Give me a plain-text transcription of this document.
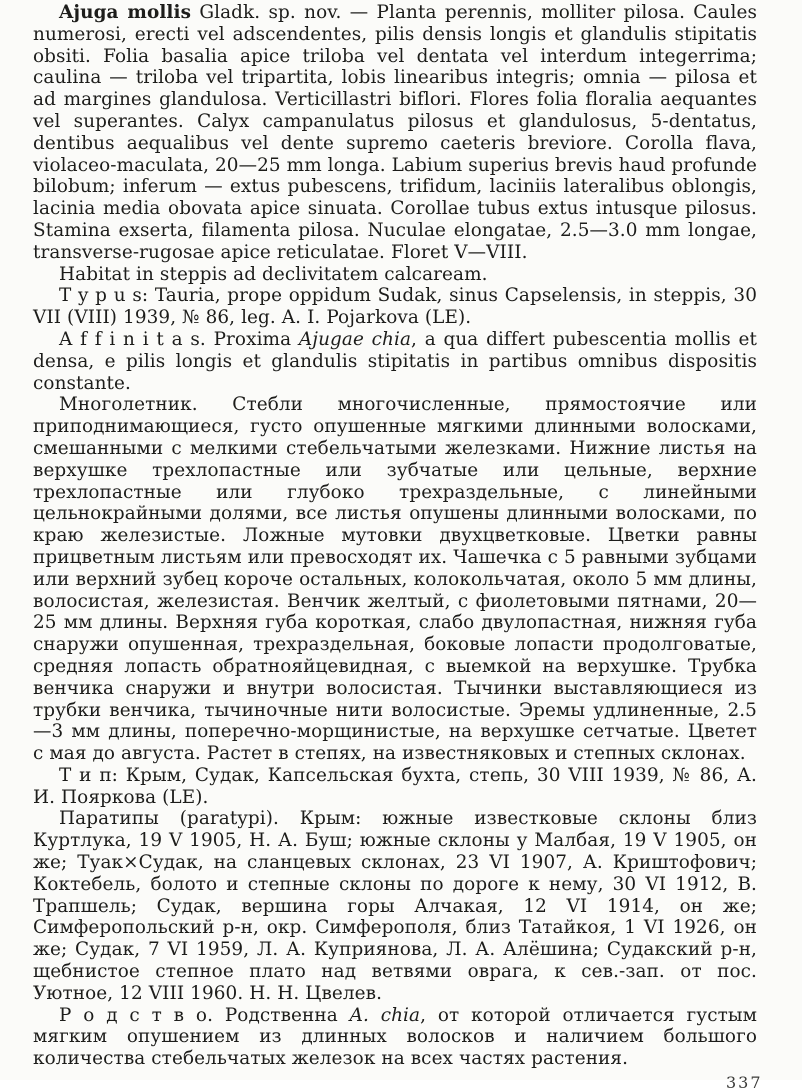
Ajuga mollis Gladk. sp. nov. — Planta perennis, molliter pilosa. Caules numerosi, erecti vel adscendentes, pilis densis longis et glandulis stipitatis obsiti. Folia basalia apice triloba vel dentata vel interdum integerrima; caulina — triloba vel tripartita, lobis linearibus integris; omnia — pilosa et ad margines glandulosa. Verticillastri biflori. Flores folia floralia aequantes vel superantes. Calyx campanulatus pilosus et glandulosus, 5-dentatus, dentibus aequalibus vel dente supremo caeteris breviore. Corolla flava, violaceo-maculata, 20—25 mm longa. Labium superius brevis haud profunde bilobum; inferum — extus pubescens, trifidum, laciniis lateralibus oblongis, lacinia media obovata apice sinuata. Corollae tubus extus intusque pilosus. Stamina exserta, filamenta pilosa. Nuculae elongatae, 2.5—3.0 mm longae, transverse-rugosae apice reticulatae. Floret V—VIII.

Habitat in steppis ad declivitatem calcaream.

T y p u s: Tauria, prope oppidum Sudak, sinus Capselensis, in steppis, 30 VII (VIII) 1939, № 86, leg. A. I. Pojarkova (LE).

A f f i n i t a s. Proxima Ajugae chia, a qua differt pubescentia mollis et densa, e pilis longis et glandulis stipitatis in partibus omnibus dispositis constante.

Многолетник. Стебли многочисленные, прямостоячие или приподнимающиеся, густо опушенные мягкими длинными волосками, смешанными с мелкими стебельчатыми железками. Нижние листья на верхушке трехлопастные или зубчатые или цельные, верхние трехлопастные или глубоко трехраздельные, с линейными цельнокрайными долями, все листья опушены длинными волосками, по краю железистые. Ложные мутовки двухцветковые. Цветки равны прицветным листьям или превосходят их. Чашечка с 5 равными зубцами или верхний зубец короче остальных, колокольчатая, около 5 мм длины, волосистая, железистая. Венчик желтый, с фиолетовыми пятнами, 20—25 мм длины. Верхняя губа короткая, слабо двулопастная, нижняя губа снаружи опушенная, трехраздельная, боковые лопасти продолговатые, средняя лопасть обратнояйцевидная, с выемкой на верхушке. Трубка венчика снаружи и внутри волосистая. Тычинки выставляющиеся из трубки венчика, тычиночные нити волосистые. Эремы удлиненные, 2.5—3 мм длины, поперечно-морщинистые, на верхушке сетчатые. Цветет с мая до августа. Растет в степях, на известняковых и степных склонах.

Т и п: Крым, Судак, Капсельская бухта, степь, 30 VIII 1939, № 86, А. И. Пояркова (LE).

Паратипы (paratypi). Крым: южные известковые склоны близ Куртлука, 19 V 1905, Н. А. Буш; южные склоны у Малбая, 19 V 1905, он же; Туак×Судак, на сланцевых склонах, 23 VI 1907, А. Криштофович; Коктебель, болото и степные склоны по дороге к нему, 30 VI 1912, В. Трапшель; Судак, вершина горы Алчакая, 12 VI 1914, он же; Симферопольский р-н, окр. Симферополя, близ Татайкоя, 1 VI 1926, он же; Судак, 7 VI 1959, Л. А. Куприянова, Л. А. Алёшина; Судакский р-н, щебнистое степное плато над ветвями оврага, к сев.-зап. от пос. Уютное, 12 VIII 1960. Н. Н. Цвелев.

Р о д с т в о. Родственна A. chia, от которой отличается густым мягким опушением из длинных волосков и наличием большого количества стебельчатых железок на всех частях растения.

337
